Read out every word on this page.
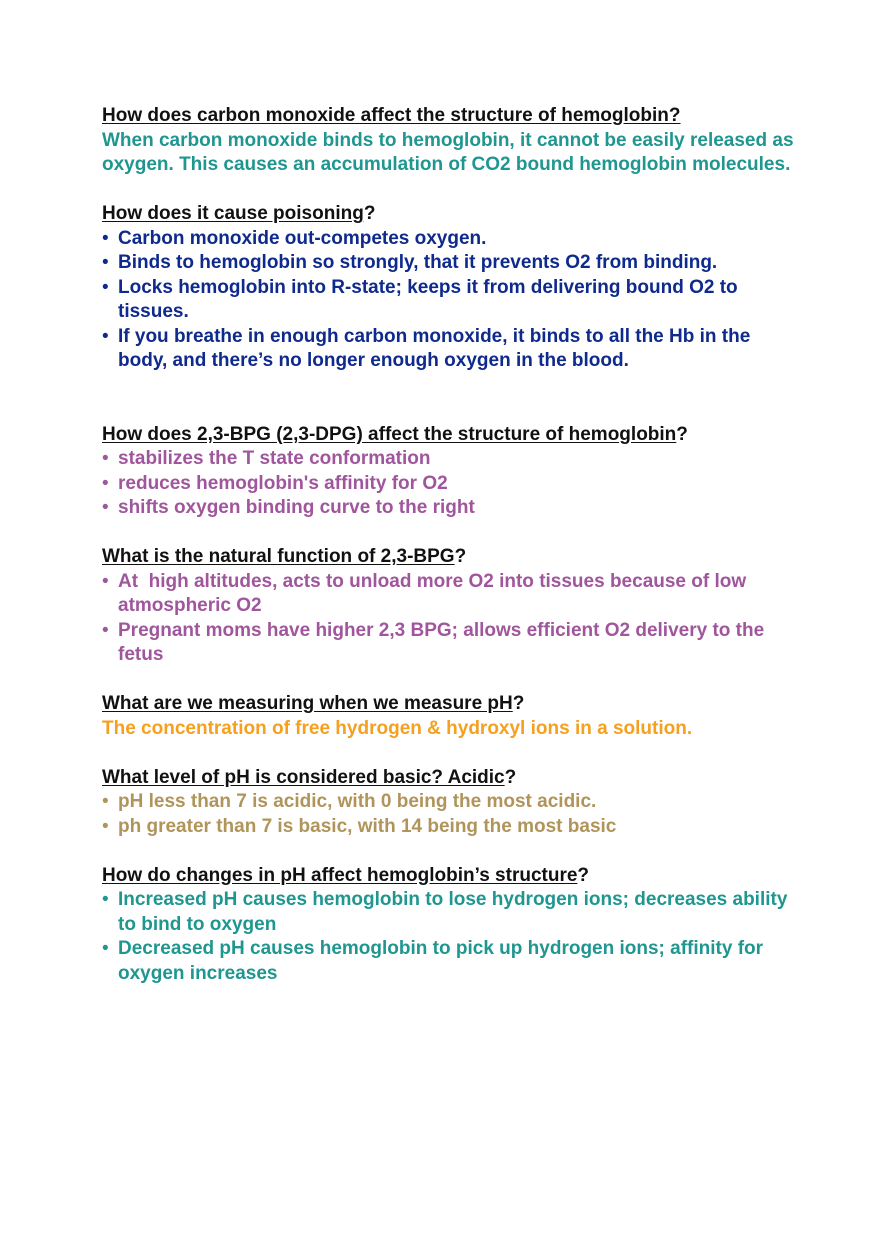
How does carbon monoxide affect the structure of hemoglobin?

When carbon monoxide binds to hemoglobin, it cannot be easily released as oxygen. This causes an accumulation of CO2 bound hemoglobin molecules.

How does it cause poisoning?
• Carbon monoxide out-competes oxygen.
• Binds to hemoglobin so strongly, that it prevents O2 from binding.
• Locks hemoglobin into R-state; keeps it from delivering bound O2 to tissues.
• If you breathe in enough carbon monoxide, it binds to all the Hb in the body, and there’s no longer enough oxygen in the blood.
How does 2,3-BPG (2,3-DPG) affect the structure of hemoglobin?
• stabilizes the T state conformation
• reduces hemoglobin's affinity for O2
• shifts oxygen binding curve to the right
What is the natural function of 2,3-BPG?
• At  high altitudes, acts to unload more O2 into tissues because of low atmospheric O2
• Pregnant moms have higher 2,3 BPG; allows efficient O2 delivery to the fetus
What are we measuring when we measure pH?

The concentration of free hydrogen & hydroxyl ions in a solution.

What level of pH is considered basic? Acidic?
• pH less than 7 is acidic, with 0 being the most acidic.
• ph greater than 7 is basic, with 14 being the most basic
How do changes in pH affect hemoglobin’s structure?
• Increased pH causes hemoglobin to lose hydrogen ions; decreases ability to bind to oxygen
• Decreased pH causes hemoglobin to pick up hydrogen ions; affinity for oxygen increases
